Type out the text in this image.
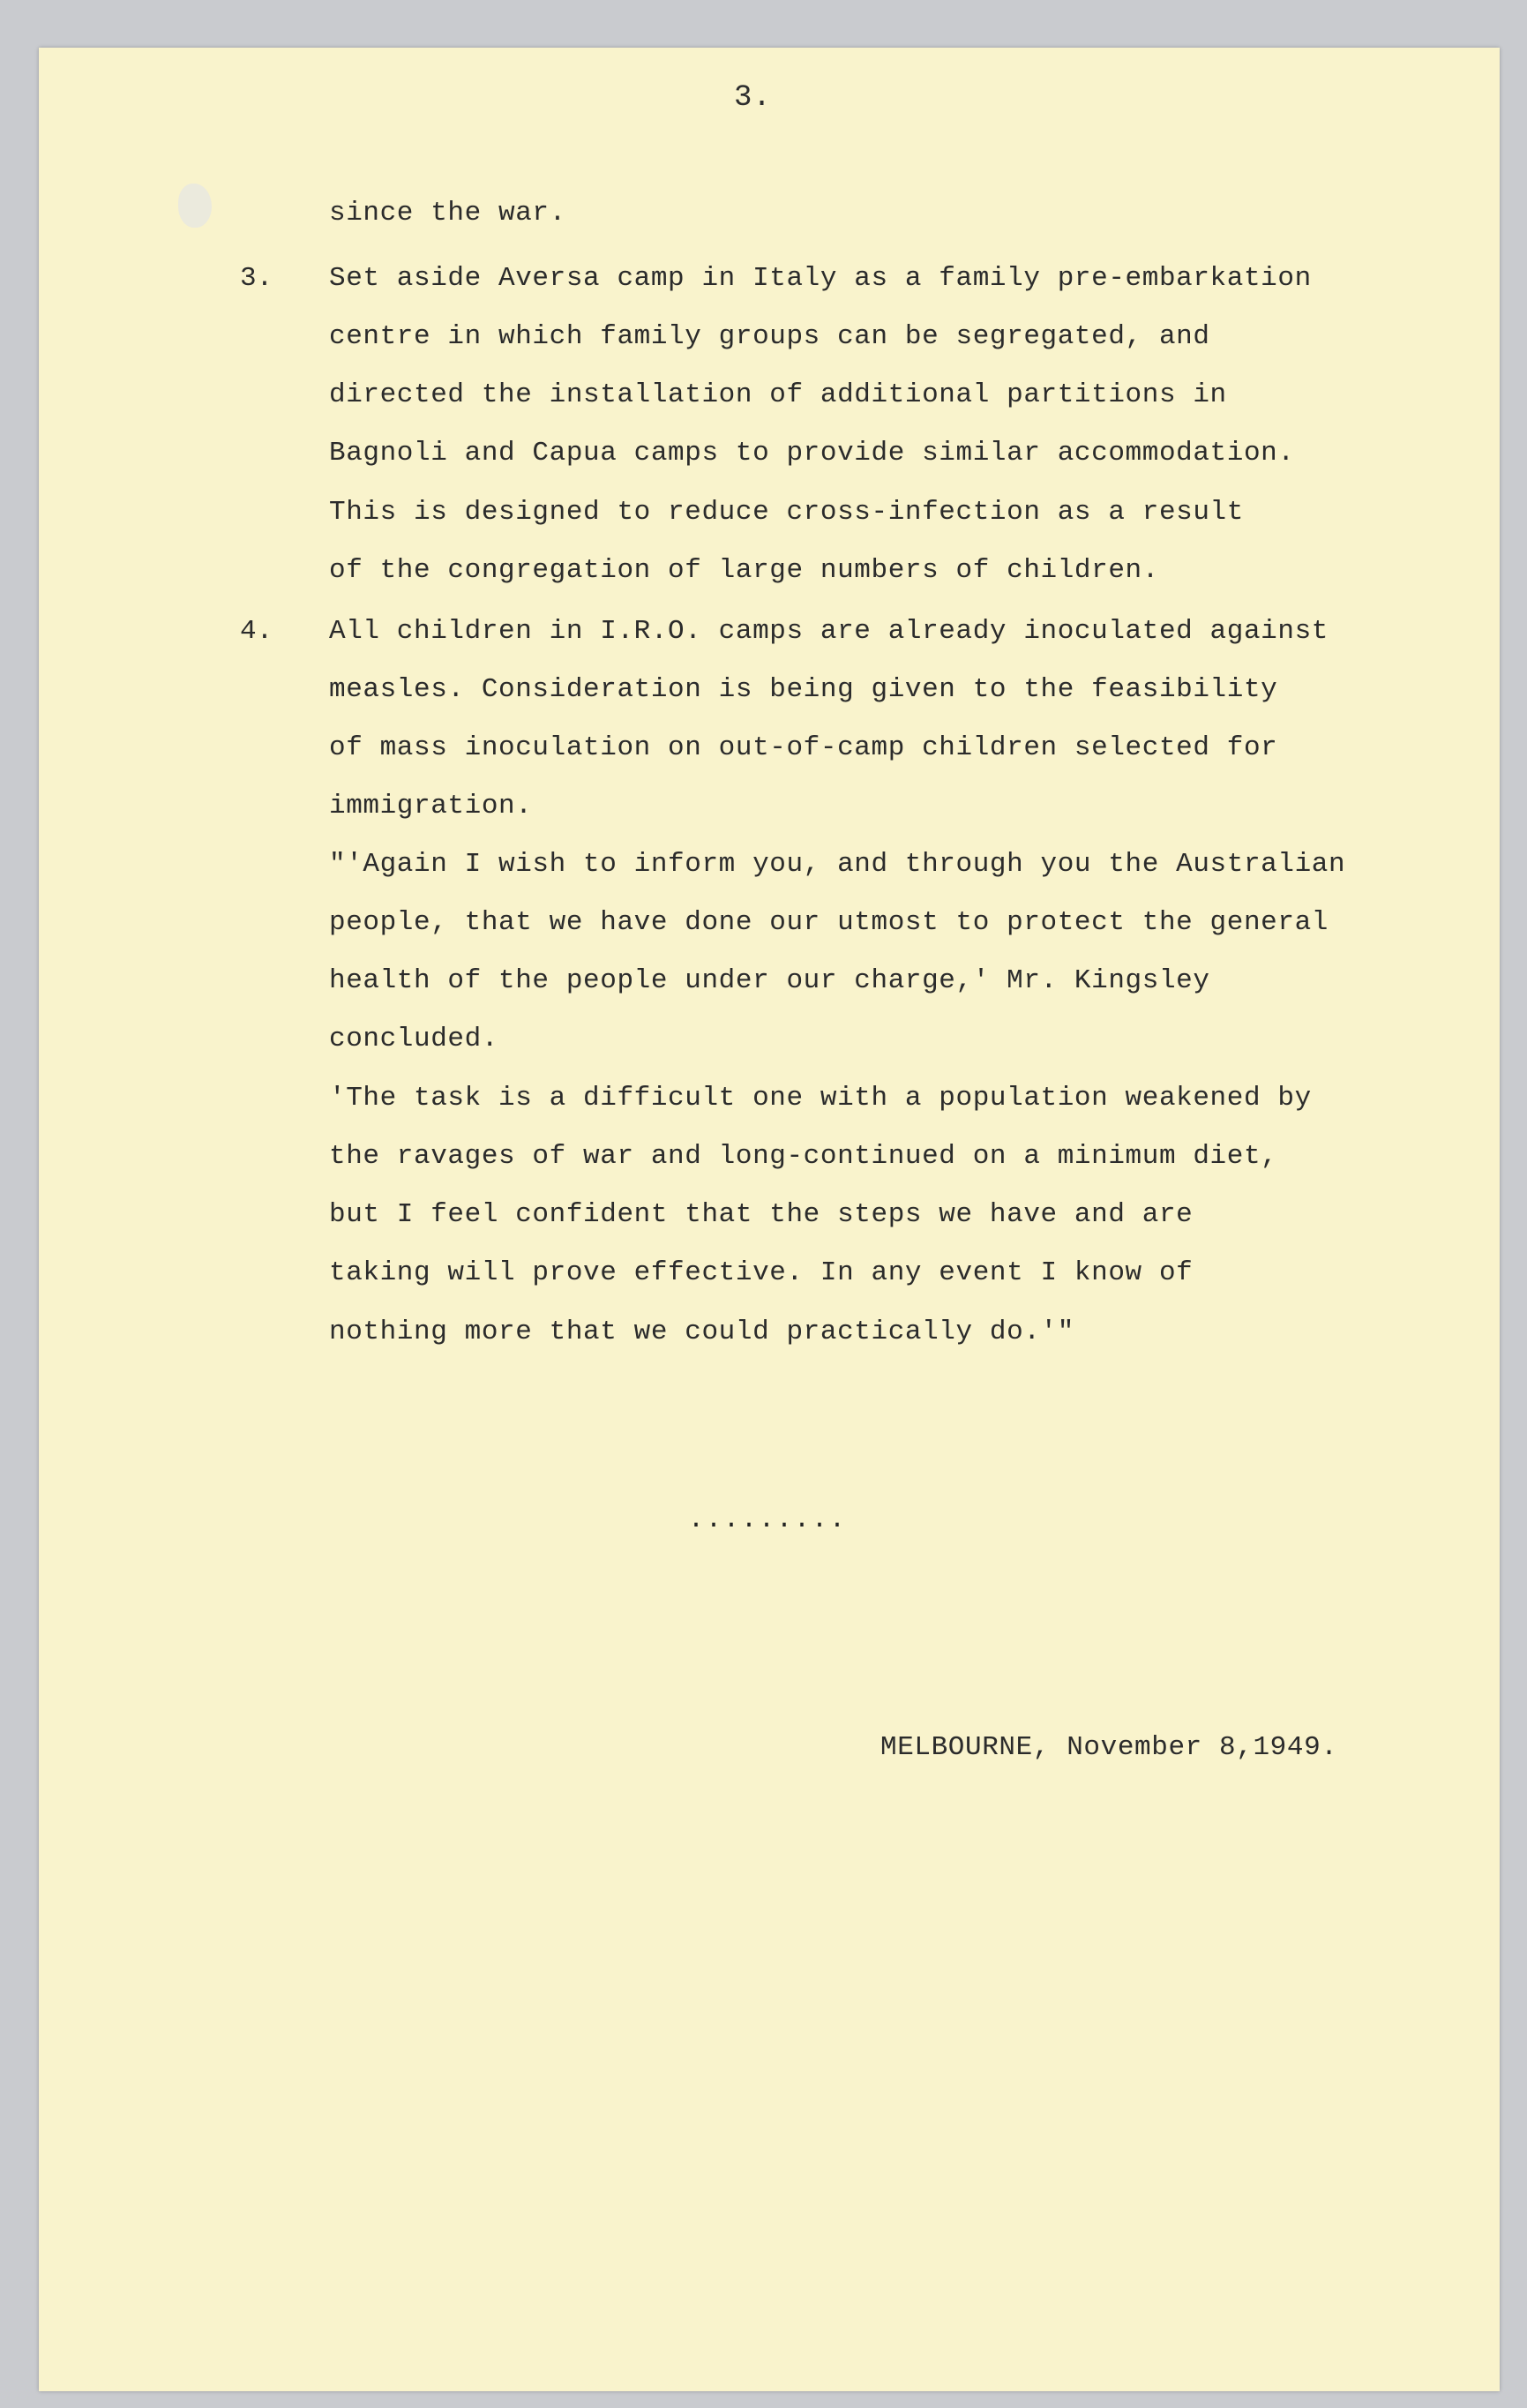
3.
since the war.
3. Set aside Aversa camp in Italy as a family pre-embarkation
centre in which family groups can be segregated, and
directed the installation of additional partitions in
Bagnoli and Capua camps to provide similar accommodation.
This is designed to reduce cross-infection as a result
of the congregation of large numbers of children.
4. All children in I.R.O. camps are already inoculated against
measles. Consideration is being given to the feasibility
of mass inoculation on out-of-camp children selected for
immigration.
"'Again I wish to inform you, and through you the Australian
people, that we have done our utmost to protect the general
health of the people under our charge,' Mr. Kingsley
concluded.
'The task is a difficult one with a population weakened by
the ravages of war and long-continued on a minimum diet,
but I feel confident that the steps we have and are
taking will prove effective. In any event I know of
nothing more that we could practically do.'"
.........
MELBOURNE, November 8,1949.
